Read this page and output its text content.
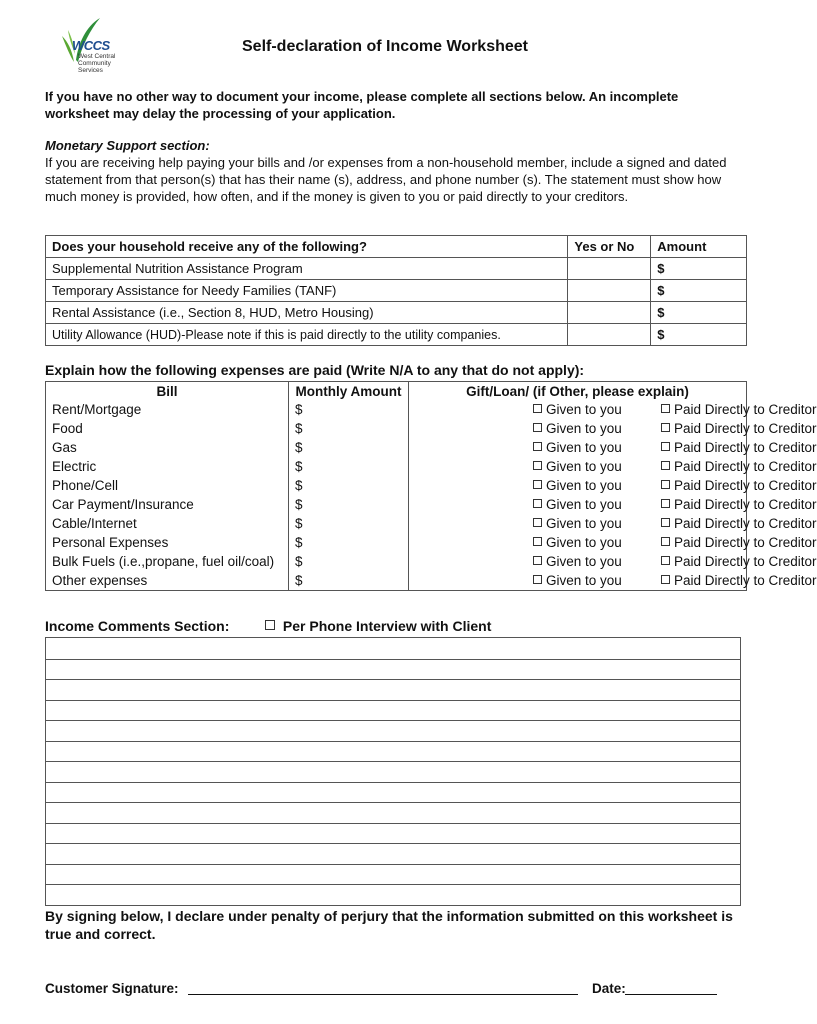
WCCS
West Central
Community
Services
Self-declaration of Income Worksheet
If you have no other way to document your income, please complete all sections below. An incomplete worksheet may delay the processing of your application.
Monetary Support section:
If you are receiving help paying your bills and /or expenses from a non-household member, include a signed and dated statement from that person(s) that has their name (s), address, and phone number (s). The statement must show how much money is provided, how often, and if the money is given to you or paid directly to your creditors.
Does your household receive any of the following?	Yes or No	Amount
Supplemental Nutrition Assistance Program		$
Temporary Assistance for Needy Families (TANF)		$
Rental Assistance (i.e., Section 8, HUD, Metro Housing)		$
Utility Allowance (HUD)-Please note if this is paid directly to the utility companies.		$
Explain how the following expenses are paid (Write N/A to any that do not apply):
Bill	Monthly Amount	Gift/Loan/ (if Other, please explain)
Rent/Mortgage	$	Given to you Paid Directly to Creditor

Food	$	Given to you Paid Directly to Creditor

Gas	$	Given to you Paid Directly to Creditor

Electric	$	Given to you Paid Directly to Creditor

Phone/Cell	$	Given to you Paid Directly to Creditor

Car Payment/Insurance	$	Given to you Paid Directly to Creditor

Cable/Internet	$	Given to you Paid Directly to Creditor

Personal Expenses	$	Given to you Paid Directly to Creditor

Bulk Fuels (i.e.,propane, fuel oil/coal)	$	Given to you Paid Directly to Creditor

Other expenses	$	Given to you Paid Directly to Creditor
Income Comments Section:	Per Phone Interview with Client
By signing below, I declare under penalty of perjury that the information submitted on this worksheet is true and correct.
Customer Signature:	Date:
